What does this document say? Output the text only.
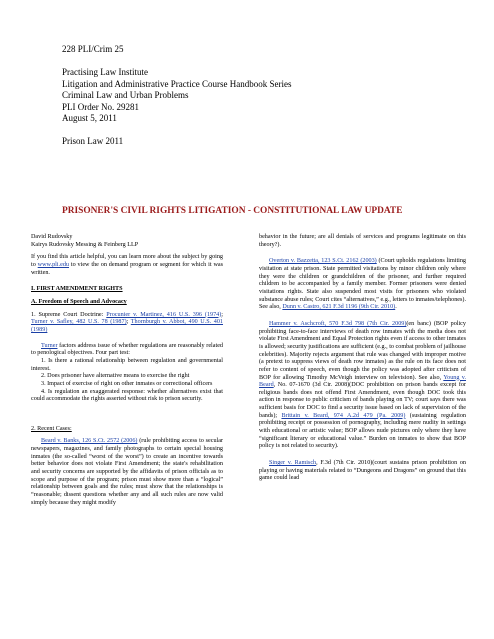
228 PLI/Crim 25
Practising Law Institute
Litigation and Administrative Practice Course Handbook Series
Criminal Law and Urban Problems
PLI Order No. 29281
August 5, 2011
Prison Law 2011
PRISONER'S CIVIL RIGHTS LITIGATION - CONSTITUTIONAL LAW UPDATE
David Rudovsky
Kairys Rudovsky Messing & Feinberg LLP
If you find this article helpful, you can learn more about the subject by going to www.pli.edu to view the on demand program or segment for which it was written.
I. FIRST AMENDMENT RIGHTS
A. Freedom of Speech and Advocacy
1. Supreme Court Doctrine: Procunier v. Martinez, 416 U.S. 396 (1974); Turner v. Safley, 482 U.S. 78 (1987); Thornburgh v. Abbot, 490 U.S. 401 (1989)
Turner factors address issue of whether regulations are reasonably related to penological objectives. Four part test:
1. Is there a rational relationship between regulation and governmental interest.
2. Does prisoner have alternative means to exercise the right
3. Impact of exercise of right on other inmates or correctional officers
4. Is regulation an exaggerated response: whether alternatives exist that could accommodate the rights asserted without risk to prison security.
2. Recent Cases:
Beard v. Banks, 126 S.Ct. 2572 (2006) (rule prohibiting access to secular newspapers, magazines, and family photographs to certain special housing inmates (the so-called “worst of the worst”) to create an incentive towards better behavior does not violate First Amendment; the state's rehabilitation and security concerns are supported by the affidavits of prison officials as to scope and purpose of the program; prison must show more than a “logical” relationship between goals and the rules; must show that the relationships is “reasonable; dissent questions whether any and all such rules are now valid simply because they might modify
behavior in the future; are all denials of services and programs legitimate on this theory?).
Overton v. Bazzetta, 123 S.Ct. 2162 (2003) (Court upholds regulations limiting visitation at state prison. State permitted visitations by minor children only where they were the children or grandchildren of the prisoner, and further required children to be accompanied by a family member. Former prisoners were denied visitations rights. State also suspended most visits for prisoners who violated substance abuse rules; Court cites “alternatives,” e.g., letters to inmates/telephones). See also, Dunn v. Castro, 621 F.3d 1196 (9th Cir. 2010).
Hammer v. Aschcroft, 570 F.3d 798 (7th Cir. 2009)(en banc) (BOP policy prohibiting face-to-face interviews of death row inmates with the media does not violate First Amendment and Equal Protection rights even if access to other inmates is allowed; security justifications are sufficient (e.g., to combat problem of jailhouse celebrities). Majority rejects argument that rule was changed with improper motive (a pretext to suppress views of death row inmates) as the rule on its face does not refer to content of speech, even though the policy was adopted after criticism of BOP for allowing Timothy McVeigh interview on television). See also, Young v. Beard, No. 07-1670 (3d Cir. 2008)(DOC prohibition on prison bands except for religious bands does not offend First Amendment, even though DOC took this action in response to public criticism of bands playing on TV; court says there was sufficient basis for DOC to find a security issue based on lack of supervision of the bands); Brittain v. Beard, 974 A.2d 479 (Pa. 2009) (sustaining regulation prohibiting receipt or possession of pornography, including mere nudity in settings with educational or artistic value; BOP allows nude pictures only where they have “significant literary or educational value.” Burden on inmates to show that BOP policy is not related to security).
Singer v. Ramisch, F.3d (7th Cir. 2010)(court sustains prison prohibition on playing or having materials related to “Dungeons and Dragons” on ground that this game could lead
